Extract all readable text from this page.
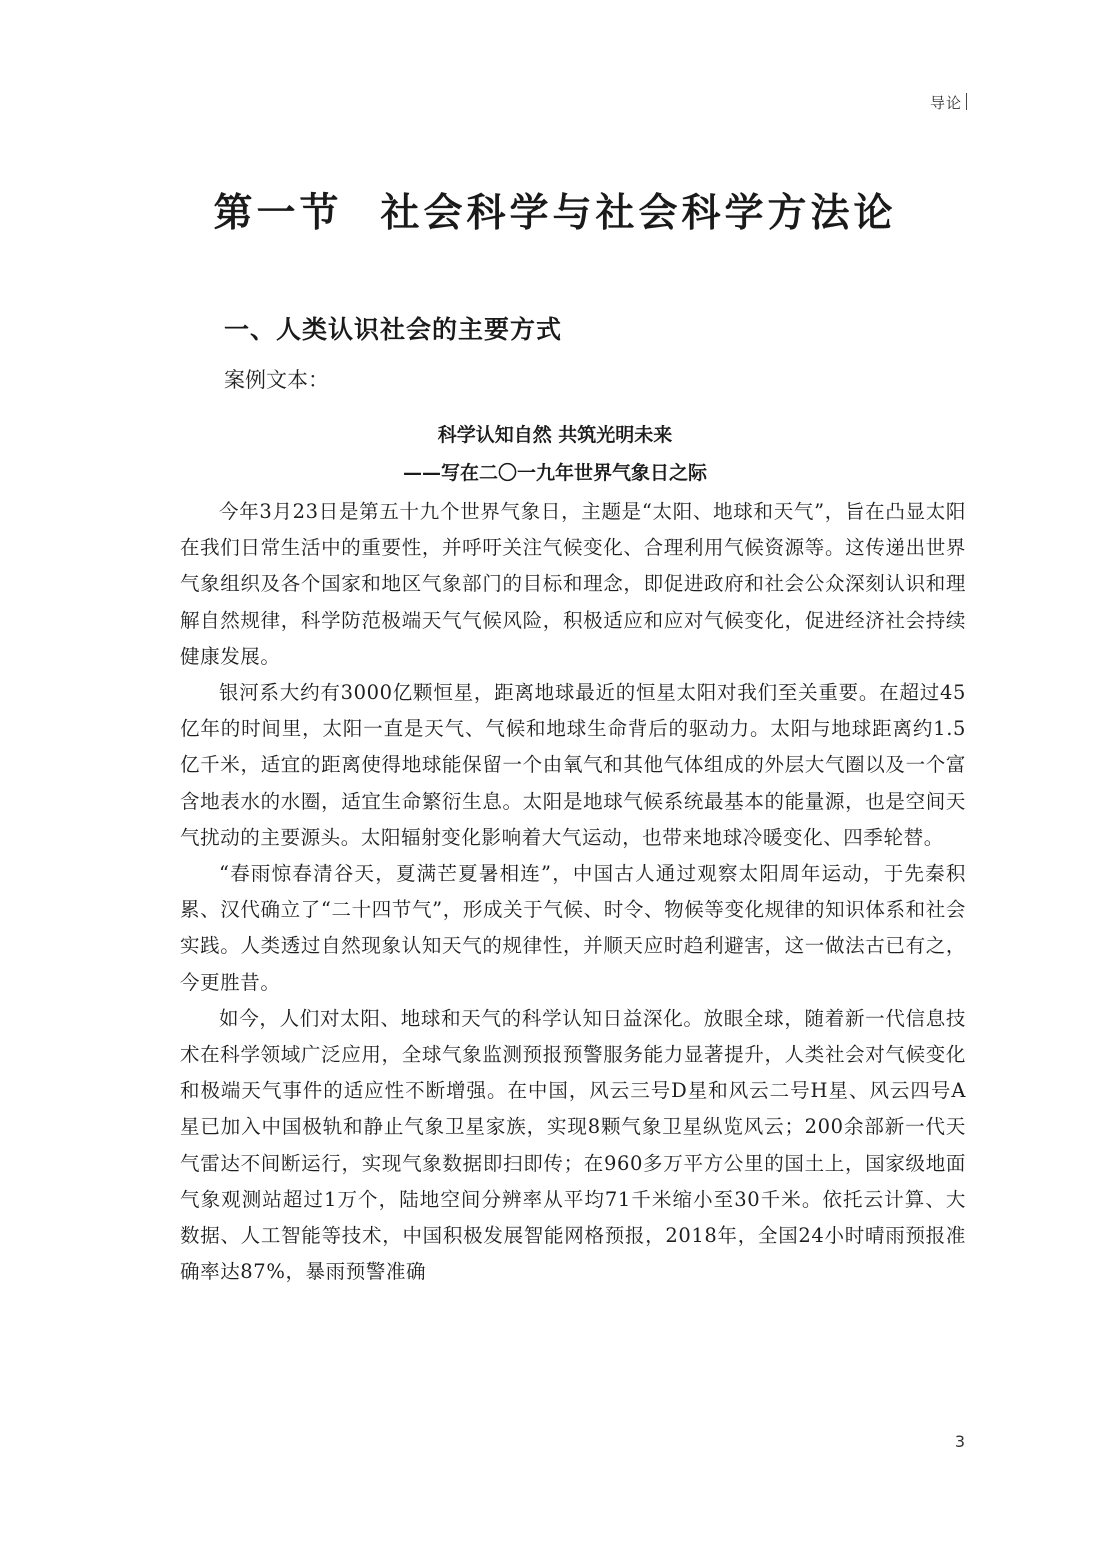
导论
第一节 社会科学与社会科学方法论
一、人类认识社会的主要方式
案例文本：
科学认知自然 共筑光明未来
——写在二〇一九年世界气象日之际

今年3月23日是第五十九个世界气象日，主题是“太阳、地球和天气”，旨在凸显太阳在我们日常生活中的重要性，并呼吁关注气候变化、合理利用气候资源等。这传递出世界气象组织及各个国家和地区气象部门的目标和理念，即促进政府和社会公众深刻认识和理解自然规律，科学防范极端天气气候风险，积极适应和应对气候变化，促进经济社会持续健康发展。

银河系大约有3000亿颗恒星，距离地球最近的恒星太阳对我们至关重要。在超过45亿年的时间里，太阳一直是天气、气候和地球生命背后的驱动力。太阳与地球距离约1.5亿千米，适宜的距离使得地球能保留一个由氧气和其他气体组成的外层大气圈以及一个富含地表水的水圈，适宜生命繁衍生息。太阳是地球气候系统最基本的能量源，也是空间天气扰动的主要源头。太阳辐射变化影响着大气运动，也带来地球冷暖变化、四季轮替。

“春雨惊春清谷天，夏满芒夏暑相连”，中国古人通过观察太阳周年运动，于先秦积累、汉代确立了“二十四节气”，形成关于气候、时令、物候等变化规律的知识体系和社会实践。人类透过自然现象认知天气的规律性，并顺天应时趋利避害，这一做法古已有之，今更胜昔。

如今，人们对太阳、地球和天气的科学认知日益深化。放眼全球，随着新一代信息技术在科学领域广泛应用，全球气象监测预报预警服务能力显著提升，人类社会对气候变化和极端天气事件的适应性不断增强。在中国，风云三号D星和风云二号H星、风云四号A星已加入中国极轨和静止气象卫星家族，实现8颗气象卫星纵览风云；200余部新一代天气雷达不间断运行，实现气象数据即扫即传；在960多万平方公里的国土上，国家级地面气象观测站超过1万个，陆地空间分辨率从平均71千米缩小至30千米。依托云计算、大数据、人工智能等技术，中国积极发展智能网格预报，2018年，全国24小时晴雨预报准确率达87%，暴雨预警准确

3
